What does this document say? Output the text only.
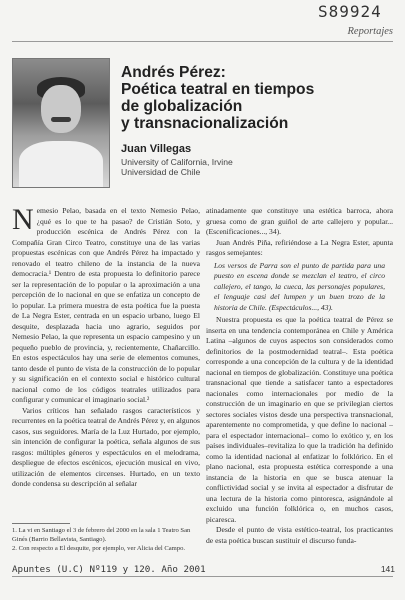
S89924
Reportajes
Andrés Pérez:
Poética teatral en tiempos
de globalización
y transnacionalización
Juan Villegas
University of California, Irvine
Universidad de Chile

Nemesio Pelao, basada en el texto Nemesio Pelao, ¿qué es lo que te ha pasao? de Cristián Soto, y producción escénica de Andrés Pérez con la Compañía Gran Circo Teatro, constituye una de las varias propuestas escénicas con que Andrés Pérez ha impactado y renovado el teatro chileno de la instancia de la nueva democracia.¹ Dentro de esta propuesta lo definitorio parece ser la representación de lo popular o la aproximación a una percepción de lo nacional en que se enfatiza un concepto de lo popular. La primera muestra de esta poética fue la puesta de La Negra Ester, centrada en un espacio urbano, luego El desquite, desplazada hacia uno agrario, seguidos por Nemesio Pelao, la que representa un espacio campesino y un pequeño pueblo de provincia, y, recientemente, Chañarcillo. En estos espectáculos hay una serie de elementos comunes, tanto desde el punto de vista de la construcción de lo popular y su significación en el contexto social e histórico cultural nacional como de los códigos teatrales utilizados para configurar y comunicar el imaginario social.²

Varios críticos han señalado rasgos característicos y recurrentes en la poética teatral de Andrés Pérez y, en algunos casos, sus seguidores. María de la Luz Hurtado, por ejemplo, sin intención de configurar la poética, señala algunos de sus rasgos: múltiples géneros y espectáculos en el melodrama, despliegue de efectos escénicos, ejecución musical en vivo, utilización de elementos circenses. Hurtado, en un texto donde condensa su descripción al señalar

1. La vi en Santiago el 3 de febrero del 2000 en la sala 1 Teatro San Ginés (Barrio Bellavista, Santiago).
2. Con respecto a El desquite, por ejemplo, ver Alicia del Campo.

atinadamente que constituye una estética barroca, ahora gruesa como de gran guiñol de arte callejero y popular... (Escenificaciones..., 34).

Juan Andrés Piña, refiriéndose a La Negra Ester, apunta rasgos semejantes:

Los versos de Parra son el punto de partida para una puesto en escena donde se mezclan el teatro, el circo callejero, el tango, la cueca, las personajes populares, el lenguaje casi del lumpen y un buen trozo de la historia de Chile. (Espectáculos..., 43).

Nuestra propuesta es que la poética teatral de Pérez se inserta en una tendencia contemporánea en Chile y América Latina –algunos de cuyos aspectos son considerados como definitorios de la postmodernidad teatral–. Esta poética corresponde a una concepción de la cultura y de la identidad nacional en tiempos de globalización. Constituye una poética transnacional que tiende a satisfacer tanto a espectadores nacionales como internacionales por medio de la construcción de un imaginario en que se privilegian ciertos sectores sociales vistos desde una perspectiva transnacional, aparentemente no comprometida, y que define lo nacional –para el espectador internacional– como lo exótico y, en los países individuales–revitaliza lo que la tradición ha definido como la identidad nacional al enfatizar lo folklórico. En el plano nacional, esta propuesta estética corresponde a una instancia de la historia en que se busca atenuar la conflictividad social y se invita al espectador a disfrutar de una lectura de la historia como pintoresca, asignándole al excluido una función folklórica o, en muchos casos, picaresca.

Desde el punto de vista estético-teatral, los practicantes de esta poética buscan sustituir el discurso funda-

Apuntes (U.C) Nº119 y 120. Año 2001	141
